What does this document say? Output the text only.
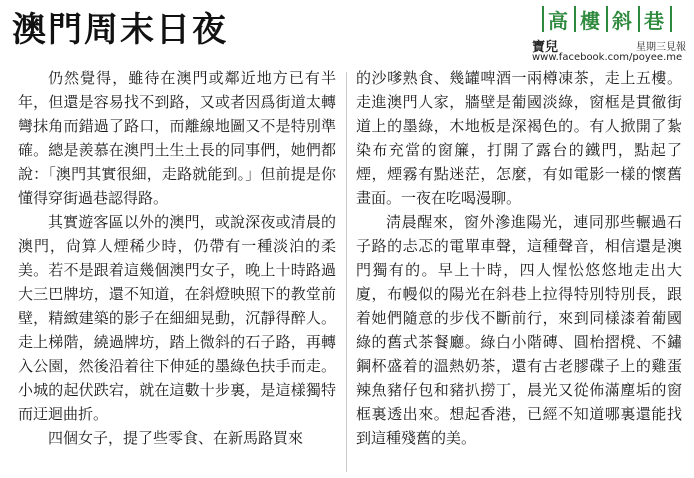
澳門周末日夜	高 樓 斜 巷
寶兒	星期三見報
www.facebook.com/poyee.me

仍然覺得，雖待在澳門或鄰近地方已有半年，但還是容易找不到路，又或者因爲街道太轉彎抹角而錯過了路口，而離線地圖又不是特別準確。總是羨慕在澳門土生土長的同事們，她們都說：「澳門其實很細，走路就能到。」但前提是你懂得穿街過巷認得路。

其實遊客區以外的澳門，或說深夜或清晨的澳門，尙算人煙稀少時，仍帶有一種淡泊的柔美。若不是跟着這幾個澳門女子，晚上十時路過大三巴牌坊，還不知道，在斜燈映照下的教堂前壁，精緻建築的影子在細細晃動，沉靜得醉人。走上梯階，繞過牌坊，踏上微斜的石子路，再轉入公園，然後沿着往下伸延的墨綠色扶手而走。小城的起伏跌宕，就在這數十步裏，是這樣獨特而迂迴曲折。

四個女子，提了些零食、在新馬路買來

的沙嗲熟食、幾罐啤酒一兩樽凍茶，走上五樓。走進澳門人家，牆壁是葡國淡綠，窗框是貫徹街道上的墨綠，木地板是深褐色的。有人掀開了紮染布充當的窗簾，打開了露台的鐵門，點起了煙，煙霧有點迷茫，怎麼，有如電影一樣的懷舊畫面。一夜在吃喝漫聊。

淸晨醒來，窗外滲進陽光，連同那些輾過石子路的忐忑的電單車聲，這種聲音，相信還是澳門獨有的。早上十時，四人惺忪悠悠地走出大廈，布幔似的陽光在斜巷上拉得特別特別長，跟着她們隨意的步伐不斷前行，來到同樣漆着葡國綠的舊式茶餐廳。綠白小階磚、圓枱摺櫈、不鏽鋼杯盛着的溫熱奶茶，還有古老膠碟子上的雞蛋辣魚豬仔包和豬扒撈丁，晨光又從佈滿塵垢的窗框裏透出來。想起香港，已經不知道哪裏還能找到這種殘舊的美。
